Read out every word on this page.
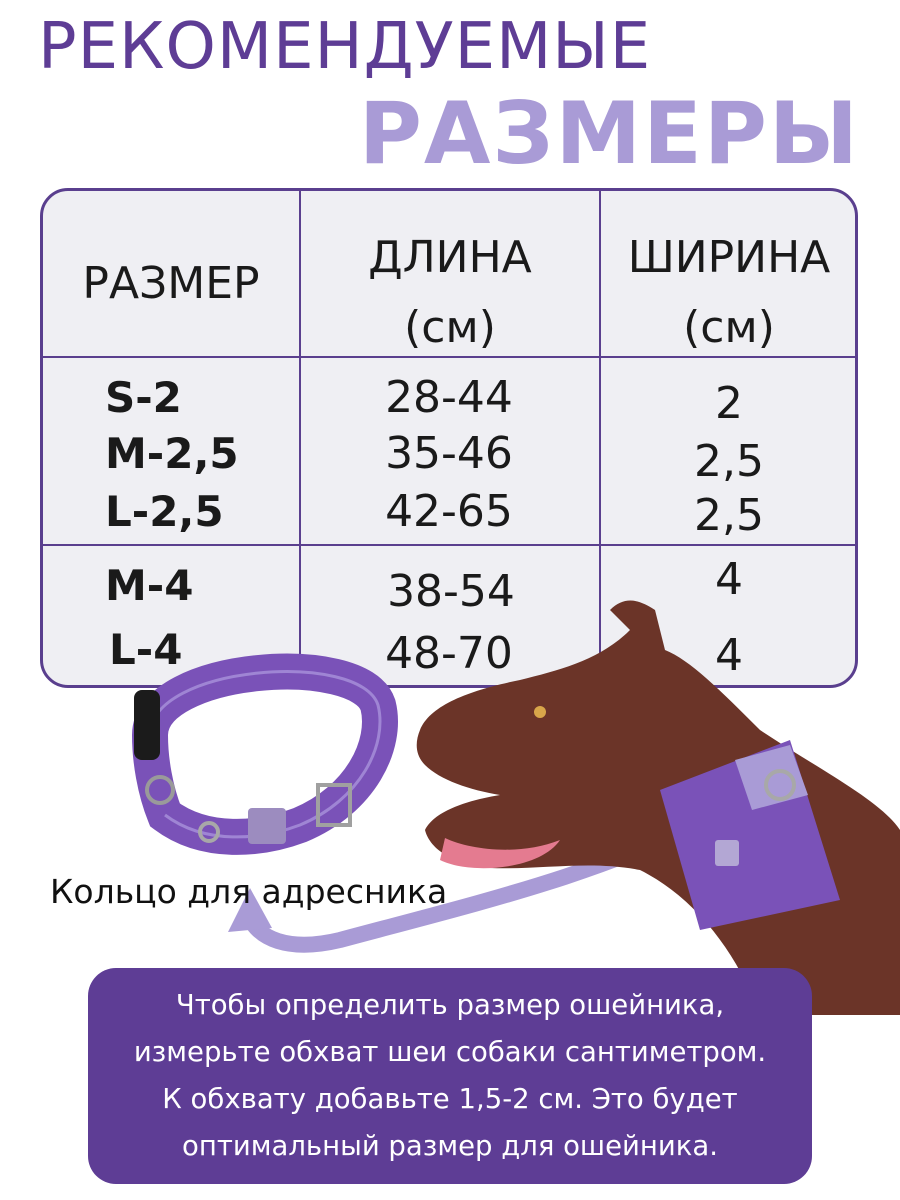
РЕКОМЕНДУЕМЫЕ
РАЗМЕРЫ
РАЗМЕР
ДЛИНА
(см)
ШИРИНА
(см)
S-2
M-2,5
L-2,5
28-44
35-46
42-65
2
2,5
2,5
M-4
L-4
38-54
48-70
4
4
Кольцо для адресника
Чтобы определить размер ошейника,
измерьте обхват шеи собаки сантиметром.
К обхвату добавьте 1,5-2 см. Это будет
оптимальный размер для ошейника.
